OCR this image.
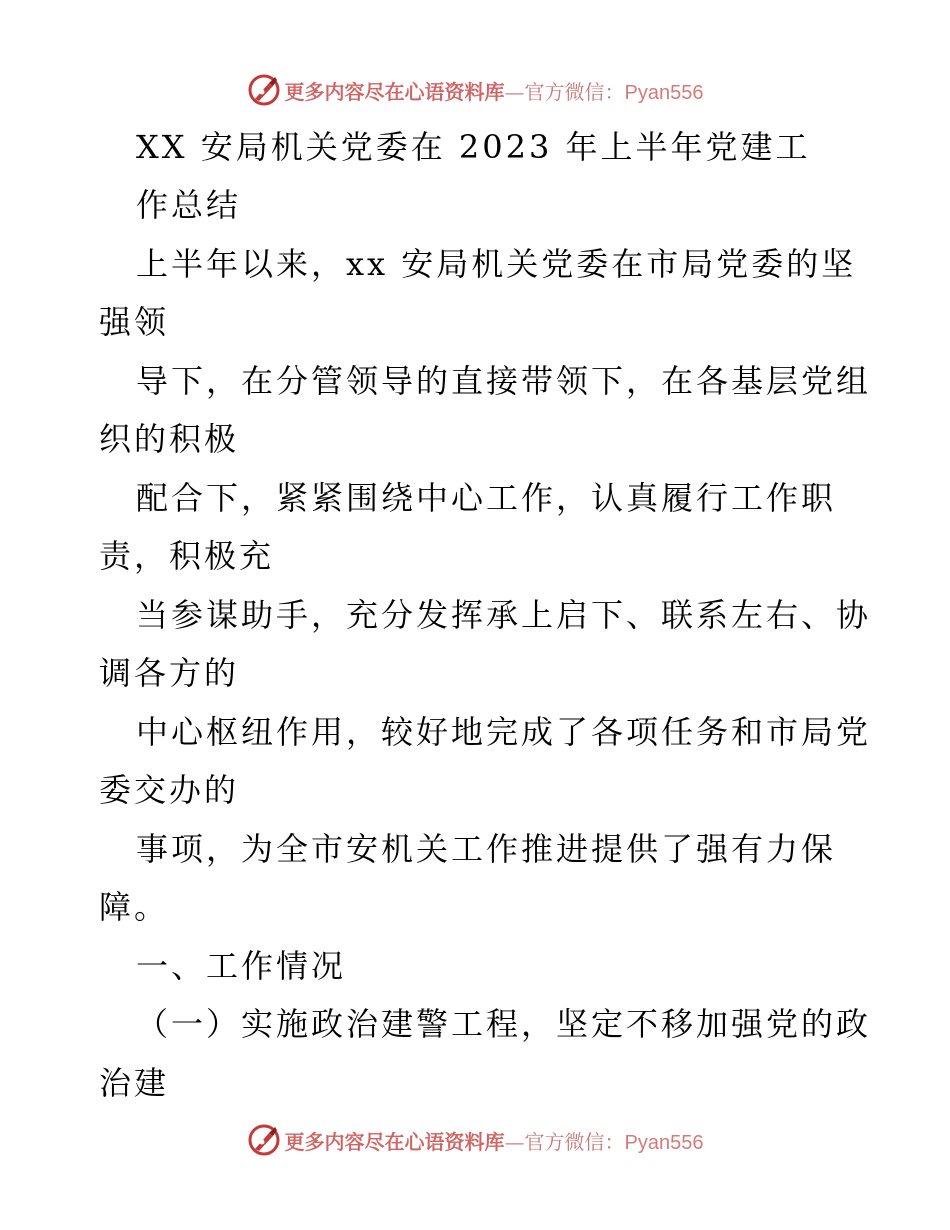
更多内容尽在心语资料库—官方微信：Pyan556
XX 安局机关党委在 2023 年上半年党建工
作总结
上半年以来，xx 安局机关党委在市局党委的坚
强领
导下，在分管领导的直接带领下，在各基层党组
织的积极
配合下，紧紧围绕中心工作，认真履行工作职
责，积极充
当参谋助手，充分发挥承上启下、联系左右、协
调各方的
中心枢纽作用，较好地完成了各项任务和市局党
委交办的
事项，为全市安机关工作推进提供了强有力保
障。
一、工作情况
（一）实施政治建警工程，坚定不移加强党的政
治建
更多内容尽在心语资料库—官方微信：Pyan556
